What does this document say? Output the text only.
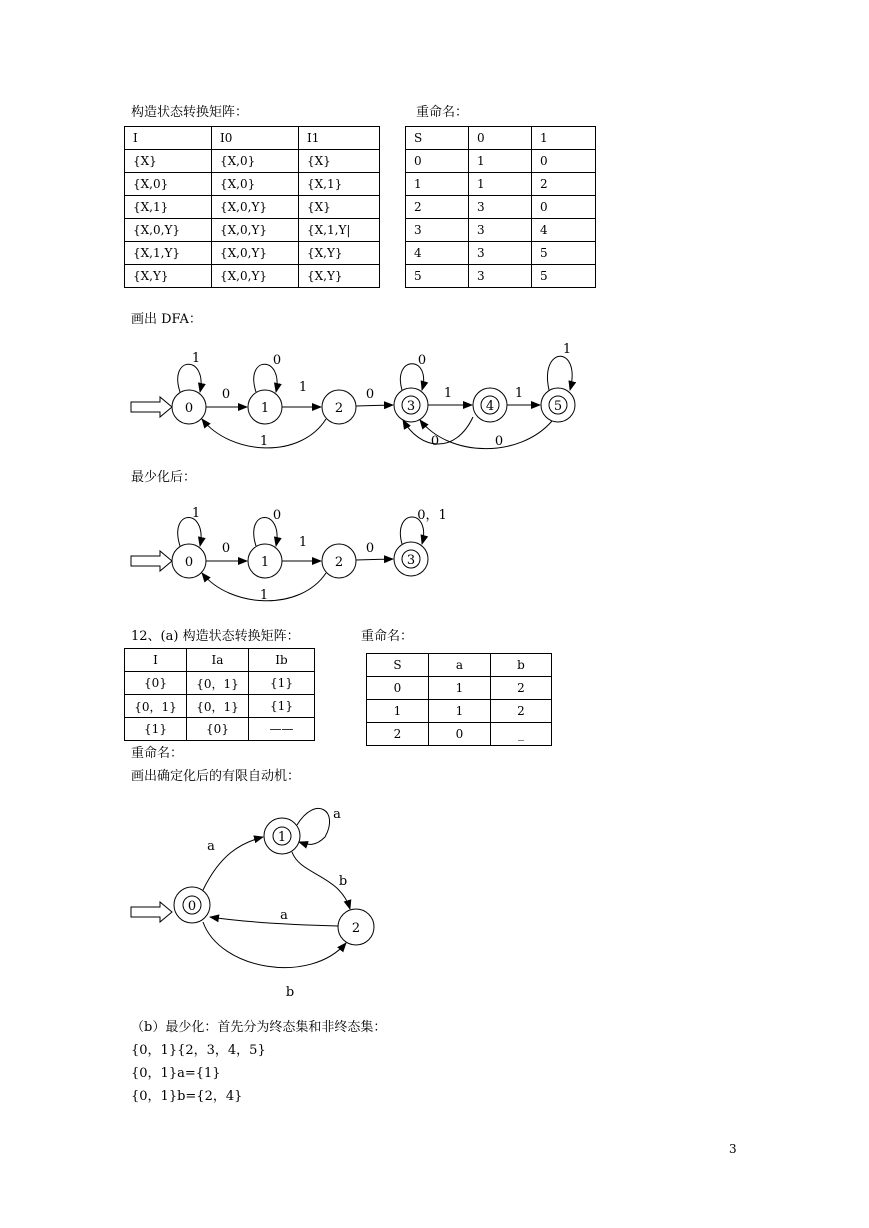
构造状态转换矩阵：	重命名：
I	I0	I1
{X}	{X,0}	{X}
{X,0}	{X,0}	{X,1}
{X,1}	{X,0,Y}	{X}
{X,0,Y}	{X,0,Y}	{X,1,Y|
{X,1,Y}	{X,0,Y}	{X,Y}
{X,Y}	{X,0,Y}	{X,Y}
S	0	1
0	1	0
1	1	2
2	3	0
3	3	4
4	3	5
5	3	5
画出 DFA：
0	1	2	3	4	5
1
0
0
1	0
0
1	1
1
1	0	0
最少化后：
0	1	2	3
1
0
0
1	0
0，1
1
12、(a) 构造状态转换矩阵：	重命名：
I	Ia	Ib
{0}	{0，1}	{1}
{0，1}	{0，1}	{1}
{1}	{0}	——
S	a	b
0	1	2
1	1	2
2	0	_
重命名：
画出确定化后的有限自动机：
0
1
2
a
a
b
a
b
（b）最少化：首先分为终态集和非终态集：
{0，1}{2，3，4，5}
{0，1}a={1}
{0，1}b={2，4}
3
